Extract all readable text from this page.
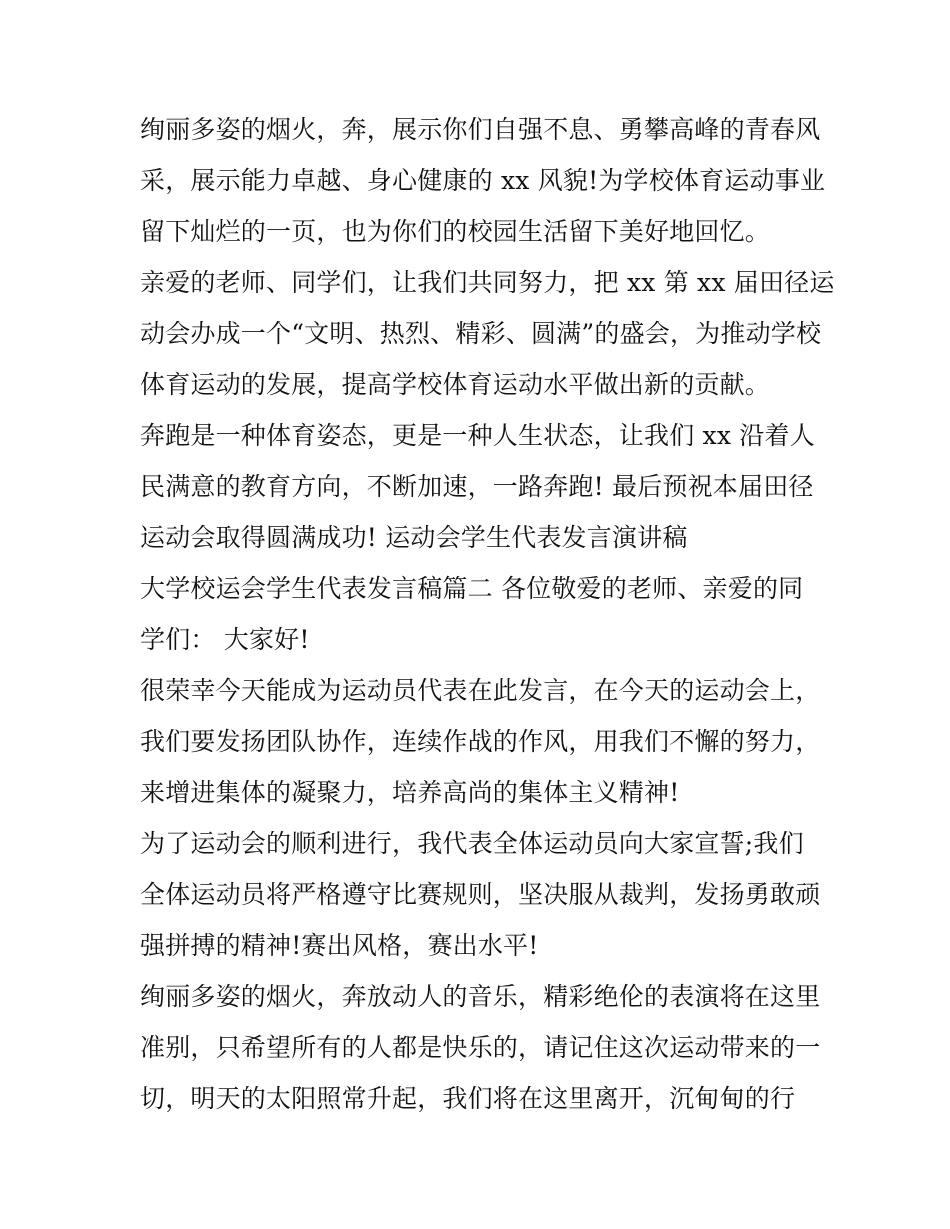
绚丽多姿的烟火，奔，展示你们自强不息、勇攀高峰的青春风
采，展示能力卓越、身心健康的 xx 风貌!为学校体育运动事业
留下灿烂的一页，也为你们的校园生活留下美好地回忆。
亲爱的老师、同学们，让我们共同努力，把 xx 第 xx 届田径运
动会办成一个“文明、热烈、精彩、圆满”的盛会，为推动学校
体育运动的发展，提高学校体育运动水平做出新的贡献。
奔跑是一种体育姿态，更是一种人生状态，让我们 xx 沿着人
民满意的教育方向，不断加速，一路奔跑! 最后预祝本届田径
运动会取得圆满成功! 运动会学生代表发言演讲稿
大学校运会学生代表发言稿篇二 各位敬爱的老师、亲爱的同
学们： 大家好!
很荣幸今天能成为运动员代表在此发言，在今天的运动会上，
我们要发扬团队协作，连续作战的作风，用我们不懈的努力，
来增进集体的凝聚力，培养高尚的集体主义精神!
为了运动会的顺利进行，我代表全体运动员向大家宣誓;我们
全体运动员将严格遵守比赛规则，坚决服从裁判，发扬勇敢顽
强拼搏的精神!赛出风格，赛出水平!
绚丽多姿的烟火，奔放动人的音乐，精彩绝伦的表演将在这里
准别，只希望所有的人都是快乐的，请记住这次运动带来的一
切，明天的太阳照常升起，我们将在这里离开，沉甸甸的行
